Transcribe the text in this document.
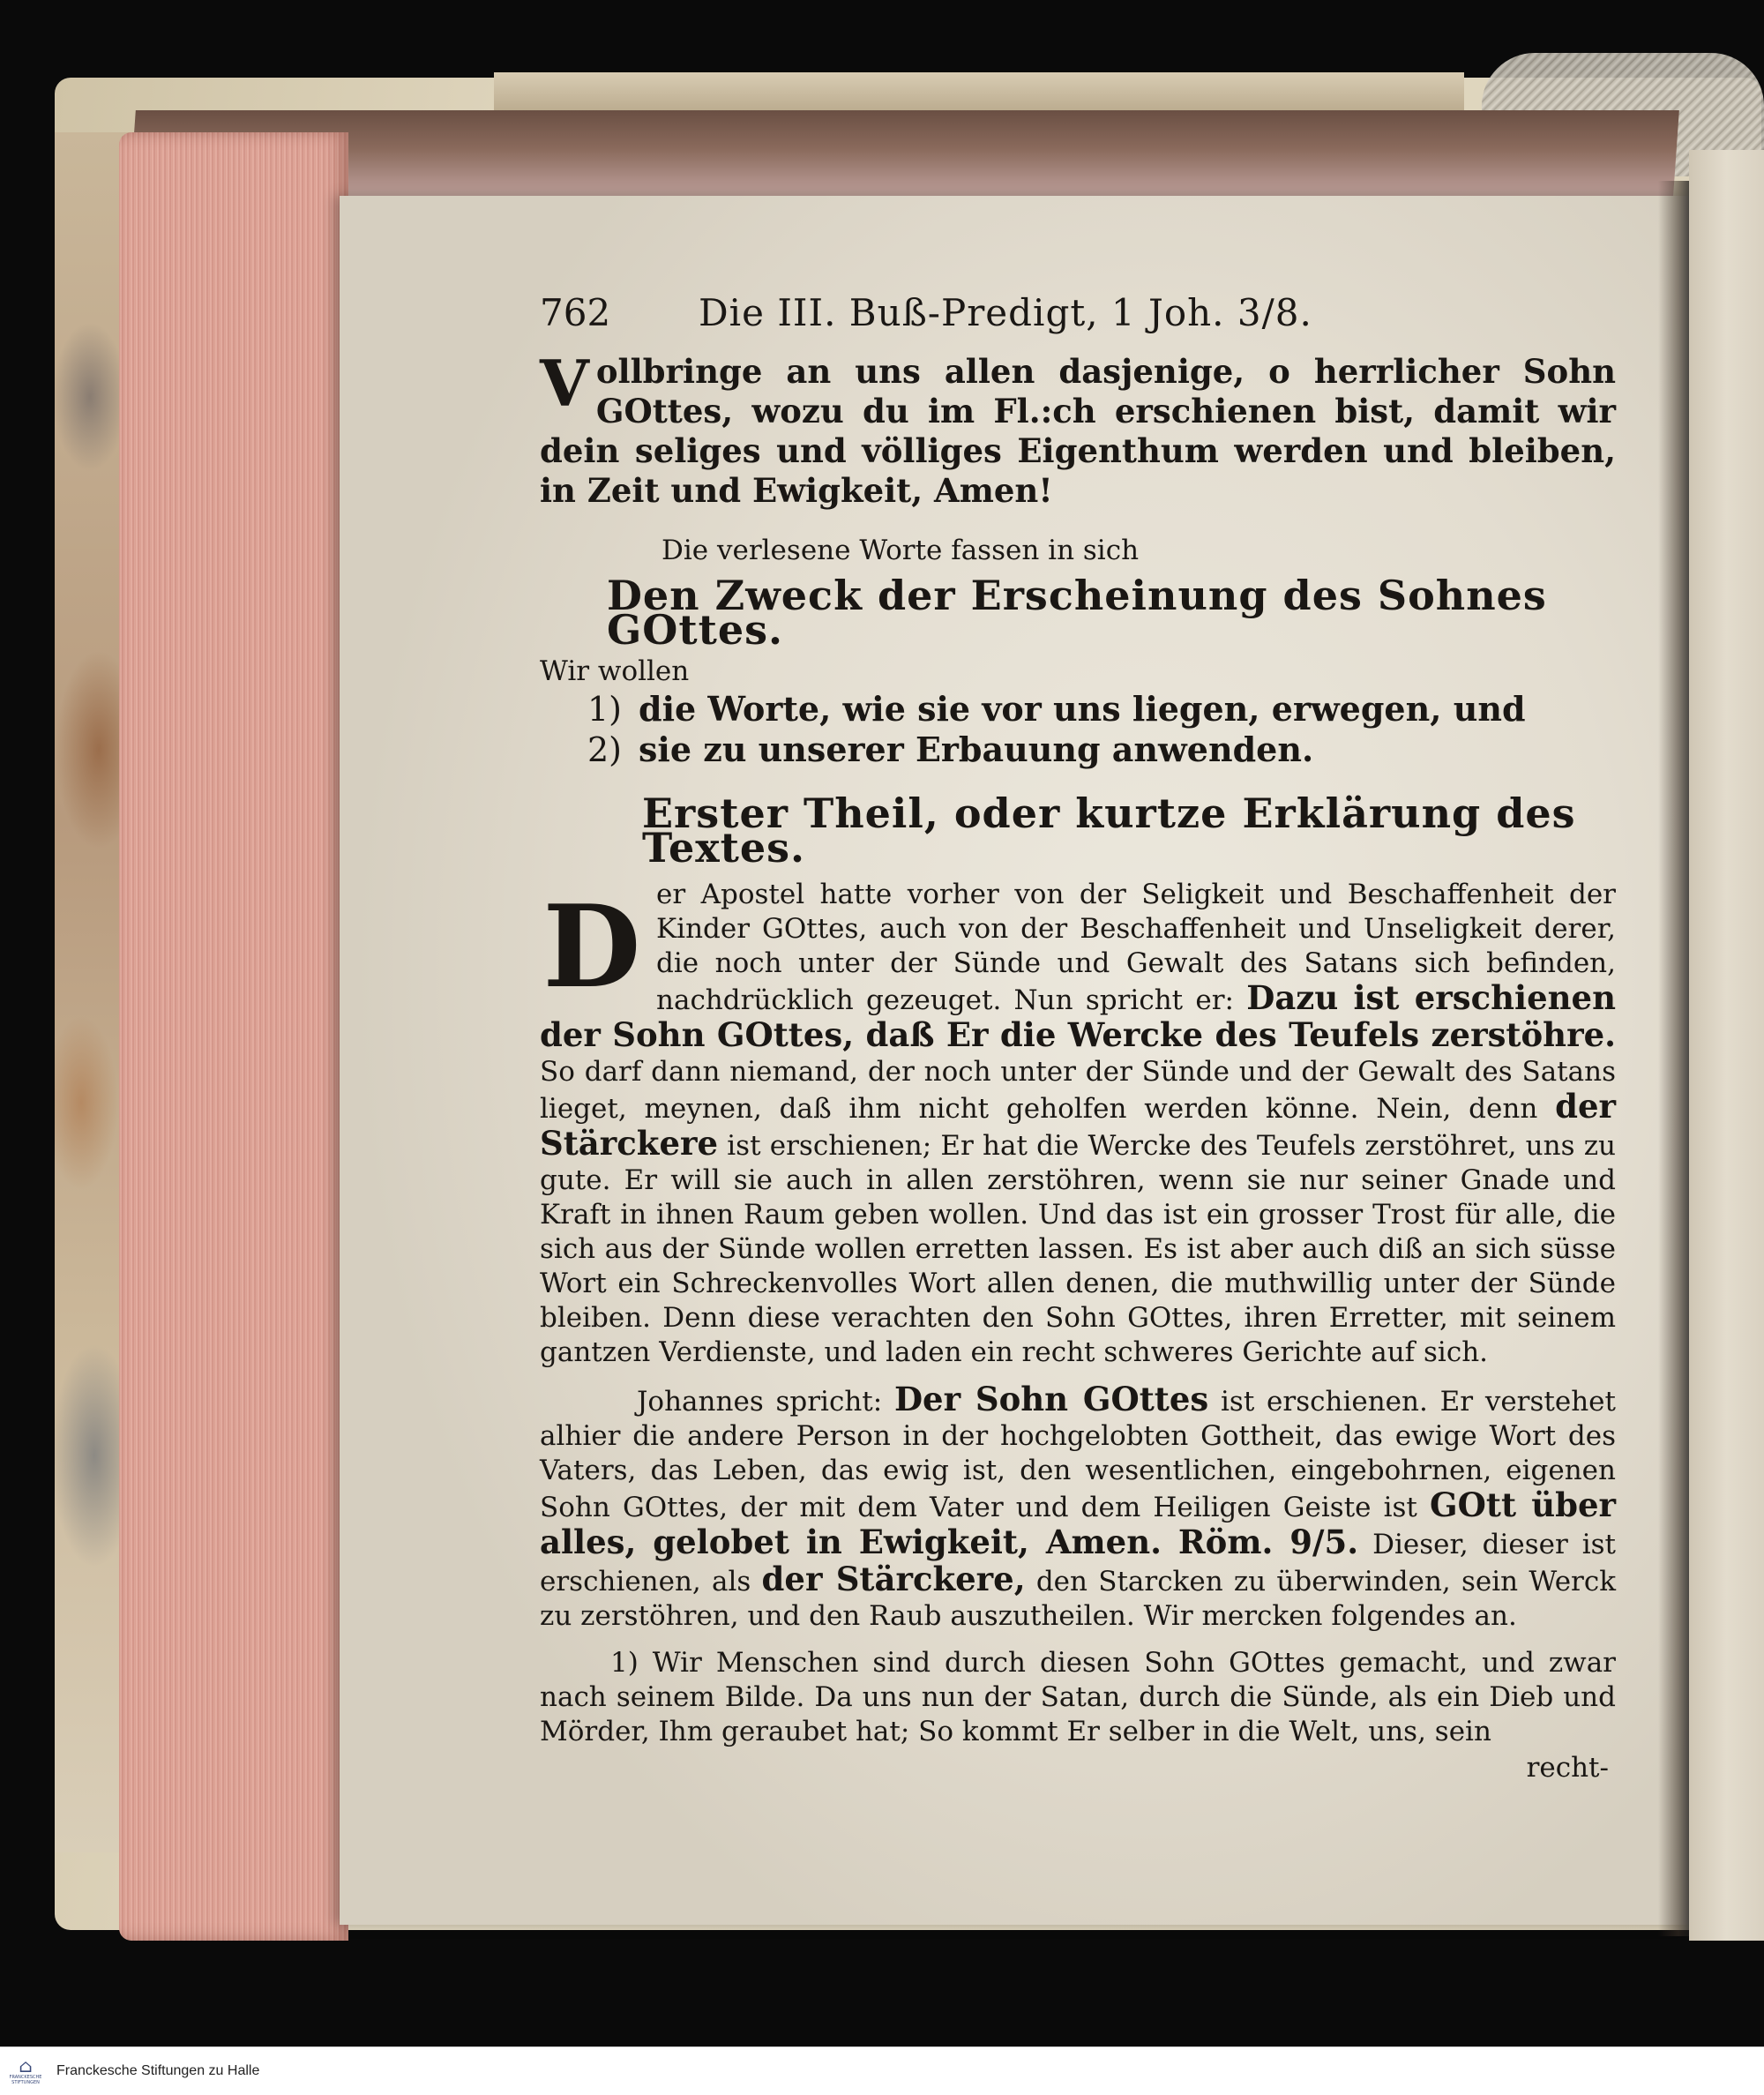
762	Die III. Buß-Predigt, 1 Joh. 3/8.
Vollbringe an uns allen dasjenige, o herrlicher Sohn GOttes, wozu du im Fl.:ch erschienen bist, damit wir dein seliges und völliges Eigenthum werden und bleiben, in Zeit und Ewigkeit, Amen!
Die verlesene Worte fassen in sich
Den Zweck der Erscheinung des Sohnes GOttes.
Wir wollen
1) die Worte, wie sie vor uns liegen, erwegen, und
2) sie zu unserer Erbauung anwenden.
Erster Theil, oder kurtze Erklärung des Textes.
D er Apostel hatte vorher von der Seligkeit und Beschaffenheit der Kinder GOttes, auch von der Beschaffenheit und Unseligkeit derer, die noch unter der Sünde und Gewalt des Satans sich befinden, nachdrücklich gezeuget. Nun spricht er: Dazu ist erschienen der Sohn GOttes, daß Er die Wercke des Teufels zerstöhre. So darf dann niemand, der noch unter der Sünde und der Gewalt des Satans lieget, meynen, daß ihm nicht geholfen werden könne. Nein, denn der Stärckere ist erschienen; Er hat die Wercke des Teufels zerstöhret, uns zu gute. Er will sie auch in allen zerstöhren, wenn sie nur seiner Gnade und Kraft in ihnen Raum geben wollen. Und das ist ein grosser Trost für alle, die sich aus der Sünde wollen erretten lassen. Es ist aber auch diß an sich süsse Wort ein Schreckenvolles Wort allen denen, die muthwillig unter der Sünde bleiben. Denn diese verachten den Sohn GOttes, ihren Erretter, mit seinem gantzen Verdienste, und laden ein recht schweres Gerichte auf sich.
Johannes spricht: Der Sohn GOttes ist erschienen. Er verstehet alhier die andere Person in der hochgelobten Gottheit, das ewige Wort des Vaters, das Leben, das ewig ist, den wesentlichen, eingebohrnen, eigenen Sohn GOttes, der mit dem Vater und dem Heiligen Geiste ist GOtt über alles, gelobet in Ewigkeit, Amen. Röm. 9/5. Dieser, dieser ist erschienen, als der Stärckere, den Starcken zu überwinden, sein Werck zu zerstöhren, und den Raub auszutheilen. Wir mercken folgendes an.
1) Wir Menschen sind durch diesen Sohn GOttes gemacht, und zwar nach seinem Bilde. Da uns nun der Satan, durch die Sünde, als ein Dieb und Mörder, Ihm geraubet hat; So kommt Er selber in die Welt, uns, sein
recht-
⌂
FRANCKESCHE
STIFTUNGEN
Franckesche Stiftungen zu Halle
